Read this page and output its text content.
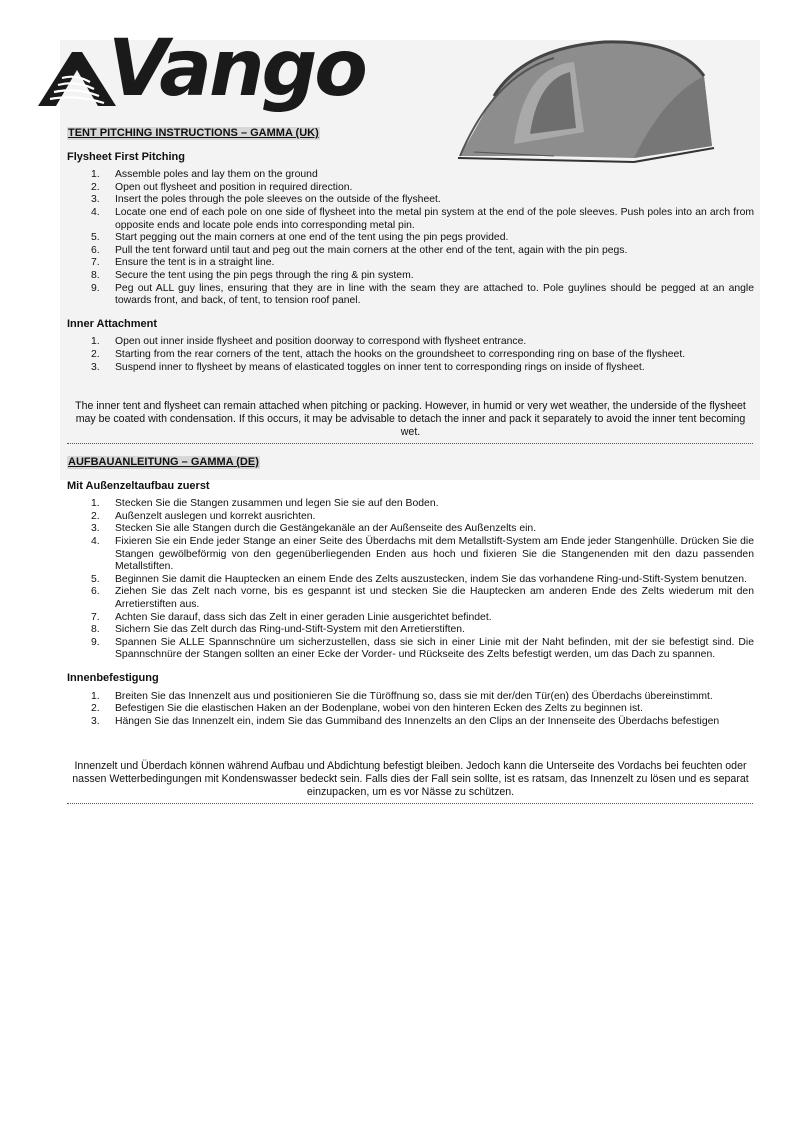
Vango
TENT PITCHING INSTRUCTIONS – GAMMA (UK)
Flysheet First Pitching
1.	Assemble poles and lay them on the ground
2.	Open out flysheet and position in required direction.
3.	Insert the poles through the pole sleeves on the outside of the flysheet.
4.	Locate one end of each pole on one side of flysheet into the metal pin system at the end of the pole sleeves. Push poles into an arch from opposite ends and locate pole ends into corresponding metal pin.
5.	Start pegging out the main corners at one end of the tent using the pin pegs provided.
6.	Pull the tent forward until taut and peg out the main corners at the other end of the tent, again with the pin pegs.
7.	Ensure the tent is in a straight line.
8.	Secure the tent using the pin pegs through the ring & pin system.
9.	Peg out ALL guy lines, ensuring that they are in line with the seam they are attached to. Pole guylines should be pegged at an angle towards front, and back, of tent, to tension roof panel.
Inner Attachment
1.	Open out inner inside flysheet and position doorway to correspond with flysheet entrance.
2.	Starting from the rear corners of the tent, attach the hooks on the groundsheet to corresponding ring on base of the flysheet.
3.	Suspend inner to flysheet by means of elasticated toggles on inner tent to corresponding rings on inside of flysheet.
The inner tent and flysheet can remain attached when pitching or packing. However, in humid or very wet weather, the underside of the flysheet may be coated with condensation. If this occurs, it may be advisable to detach the inner and pack it separately to avoid the inner tent becoming wet.
AUFBAUANLEITUNG – GAMMA (DE)
Mit Außenzeltaufbau zuerst
1.	Stecken Sie die Stangen zusammen und legen Sie sie auf den Boden.
2.	Außenzelt auslegen und korrekt ausrichten.
3.	Stecken Sie alle Stangen durch die Gestängekanäle an der Außenseite des Außenzelts ein.
4.	Fixieren Sie ein Ende jeder Stange an einer Seite des Überdachs mit dem Metallstift-System am Ende jeder Stangenhülle. Drücken Sie die Stangen gewölbeförmig von den gegenüberliegenden Enden aus hoch und fixieren Sie die Stangenenden mit den dazu passenden Metallstiften.
5.	Beginnen Sie damit die Hauptecken an einem Ende des Zelts auszustecken, indem Sie das vorhandene Ring-und-Stift-System benutzen.
6.	Ziehen Sie das Zelt nach vorne, bis es gespannt ist und stecken Sie die Hauptecken am anderen Ende des Zelts wiederum mit den Arretierstiften aus.
7.	Achten Sie darauf, dass sich das Zelt in einer geraden Linie ausgerichtet befindet.
8.	Sichern Sie das Zelt durch das Ring-und-Stift-System mit den Arretierstiften.
9.	Spannen Sie ALLE Spannschnüre um sicherzustellen, dass sie sich in einer Linie mit der Naht befinden, mit der sie befestigt sind. Die Spannschnüre der Stangen sollten an einer Ecke der Vorder- und Rückseite des Zelts befestigt werden, um das Dach zu spannen.
Innenbefestigung
1.	Breiten Sie das Innenzelt aus und positionieren Sie die Türöffnung so, dass sie mit der/den Tür(en) des Überdachs übereinstimmt.
2.	Befestigen Sie die elastischen Haken an der Bodenplane, wobei von den hinteren Ecken des Zelts zu beginnen ist.
3.	Hängen Sie das Innenzelt ein, indem Sie das Gummiband des Innenzelts an den Clips an der Innenseite des Überdachs befestigen
Innenzelt und Überdach können während Aufbau und Abdichtung befestigt bleiben. Jedoch kann die Unterseite des Vordachs bei feuchten oder nassen Wetterbedingungen mit Kondenswasser bedeckt sein. Falls dies der Fall sein sollte, ist es ratsam, das Innenzelt zu lösen und es separat einzupacken, um es vor Nässe zu schützen.
